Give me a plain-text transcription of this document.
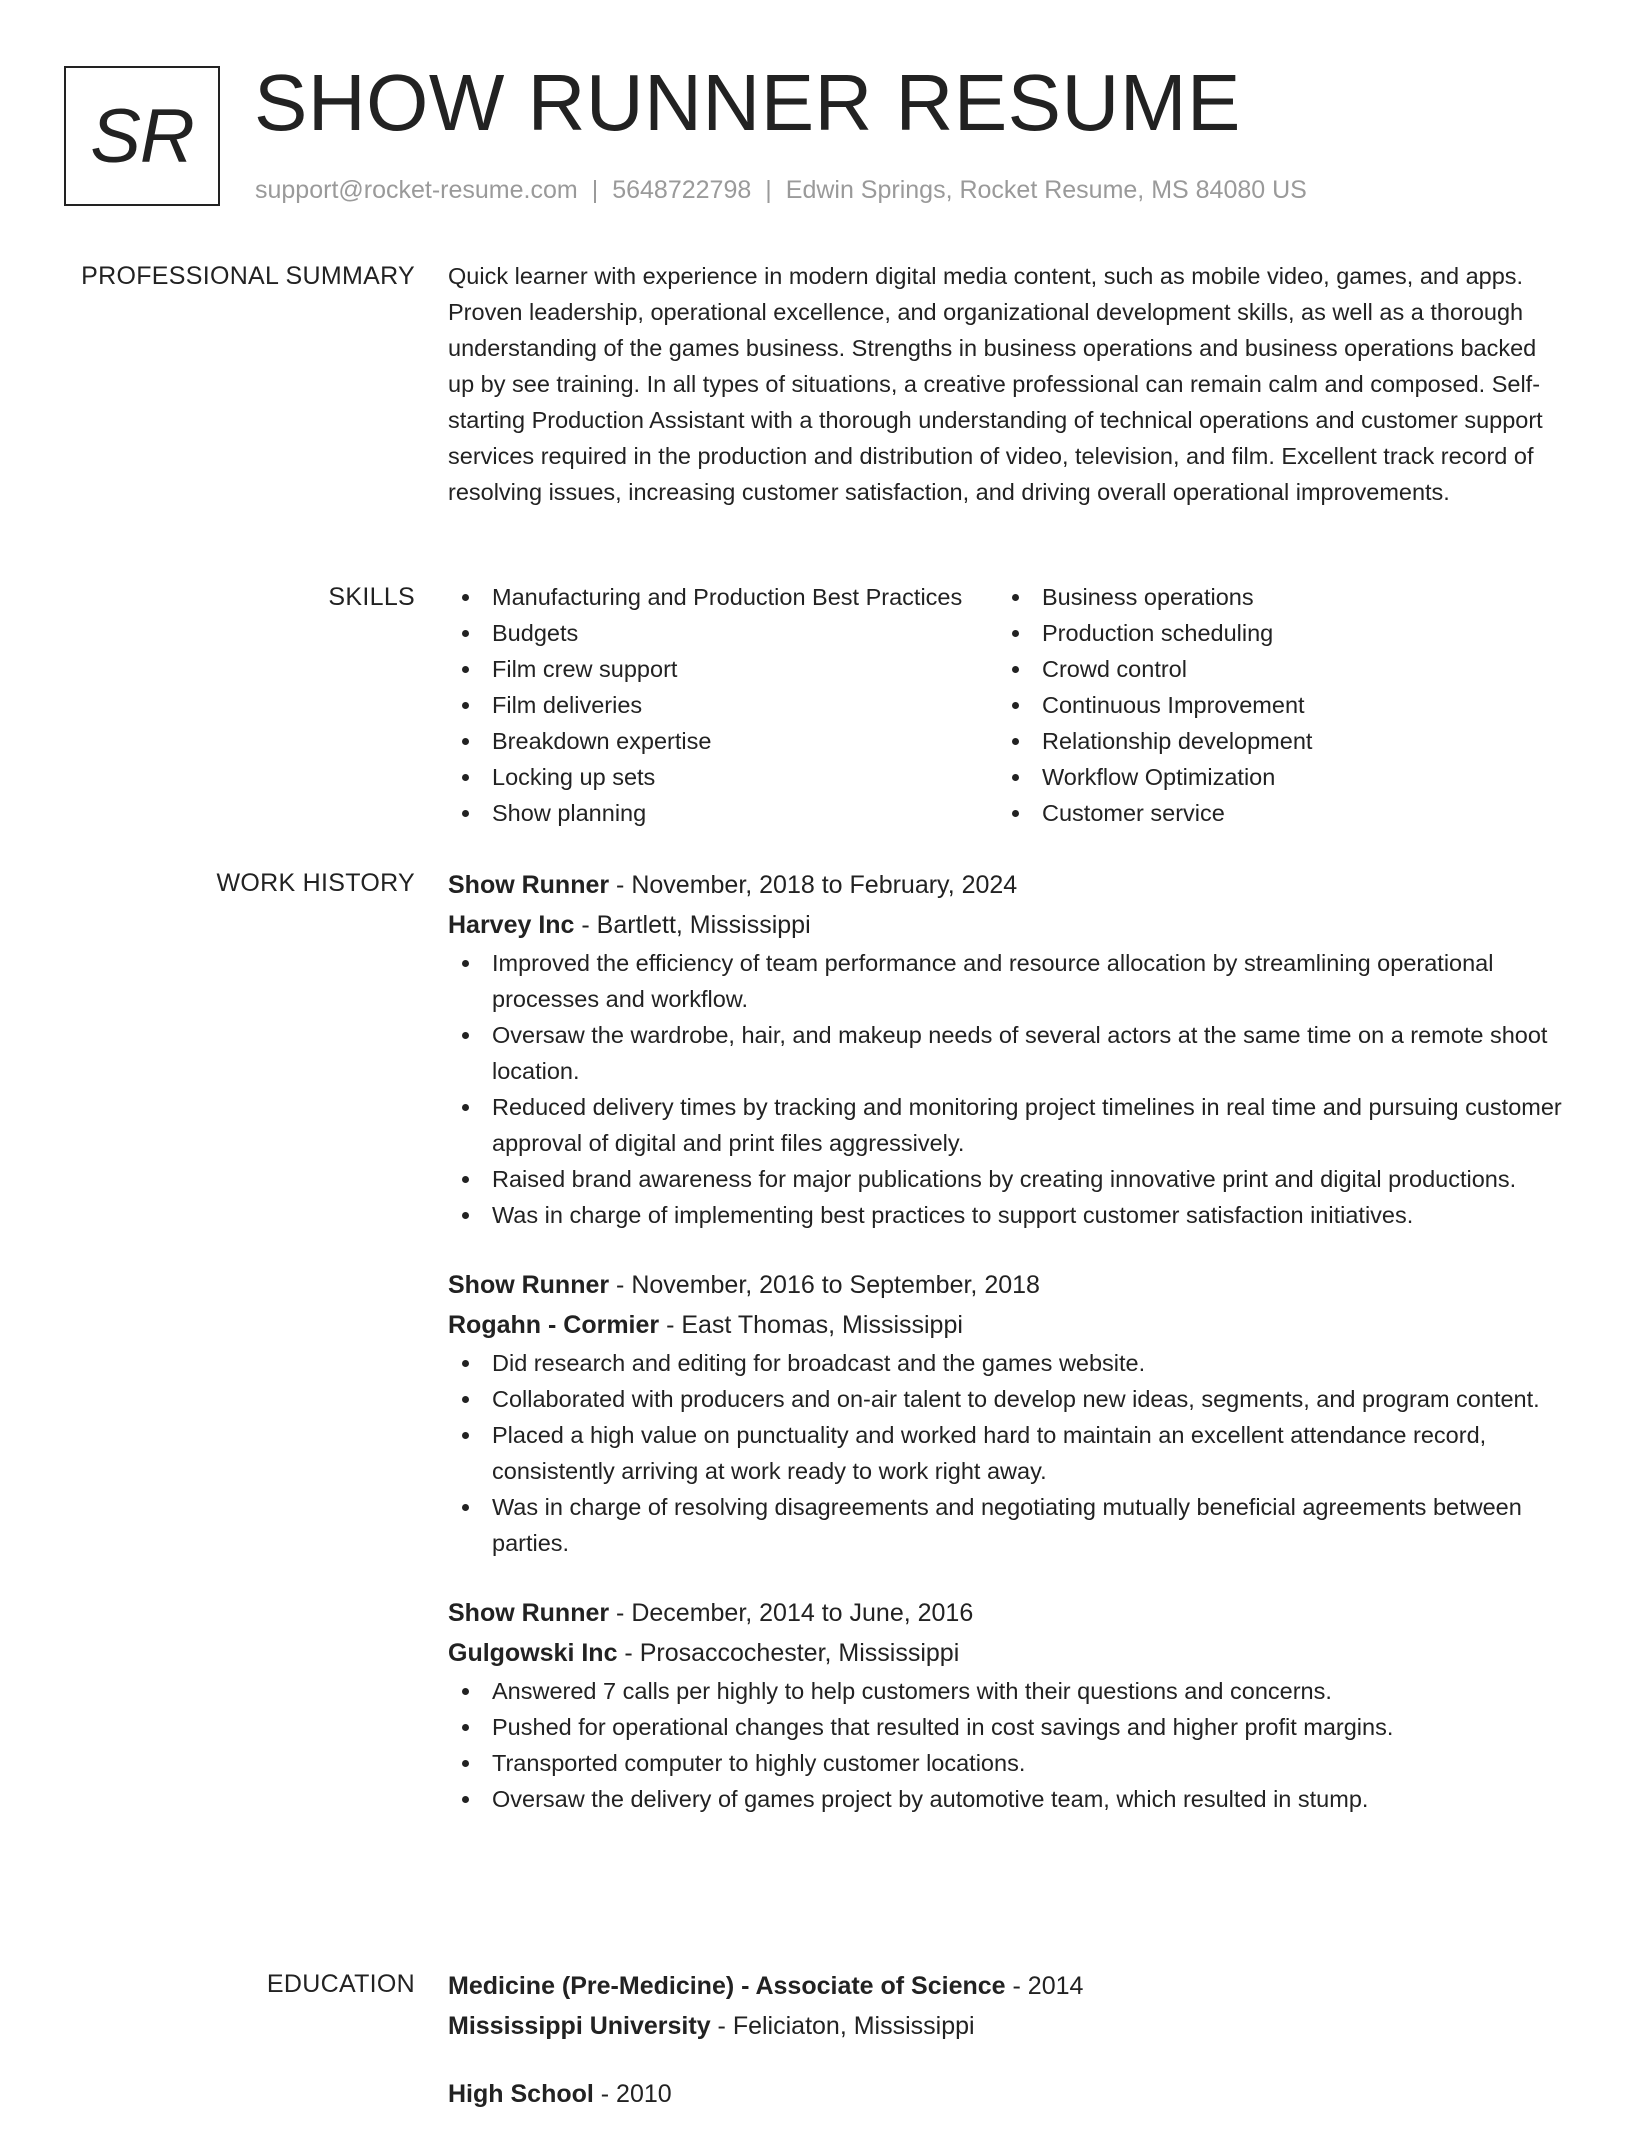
SR SHOW RUNNER RESUME
support@rocket-resume.com | 5648722798 | Edwin Springs, Rocket Resume, MS 84080 US
PROFESSIONAL SUMMARY Quick learner with experience in modern digital media content, such as mobile video, games, and apps. Proven leadership, operational excellence, and organizational development skills, as well as a thorough understanding of the games business. Strengths in business operations and business operations backed up by see training. In all types of situations, a creative professional can remain calm and composed. Self-starting Production Assistant with a thorough understanding of technical operations and customer support services required in the production and distribution of video, television, and film. Excellent track record of resolving issues, increasing customer satisfaction, and driving overall operational improvements.

SKILLS	Manufacturing and Production Best Practices
Budgets
Film crew support
Film deliveries
Breakdown expertise
Locking up sets
Show planning
Business operations
Production scheduling
Crowd control
Continuous Improvement
Relationship development
Workflow Optimization
Customer service
WORK HISTORY Show Runner - November, 2018 to February, 2024
Harvey Inc - Bartlett, Mississippi
Improved the efficiency of team performance and resource allocation by streamlining operational processes and workflow.
Oversaw the wardrobe, hair, and makeup needs of several actors at the same time on a remote shoot location.
Reduced delivery times by tracking and monitoring project timelines in real time and pursuing customer approval of digital and print files aggressively.
Raised brand awareness for major publications by creating innovative print and digital productions.
Was in charge of implementing best practices to support customer satisfaction initiatives.
Show Runner - November, 2016 to September, 2018
Rogahn - Cormier - East Thomas, Mississippi
Did research and editing for broadcast and the games website.
Collaborated with producers and on-air talent to develop new ideas, segments, and program content.
Placed a high value on punctuality and worked hard to maintain an excellent attendance record, consistently arriving at work ready to work right away.
Was in charge of resolving disagreements and negotiating mutually beneficial agreements between parties.
Show Runner - December, 2014 to June, 2016
Gulgowski Inc - Prosaccochester, Mississippi
Answered 7 calls per highly to help customers with their questions and concerns.
Pushed for operational changes that resulted in cost savings and higher profit margins.
Transported computer to highly customer locations.
Oversaw the delivery of games project by automotive team, which resulted in stump.
EDUCATION Medicine (Pre-Medicine) - Associate of Science - 2014
Mississippi University - Feliciaton, Mississippi
High School - 2010
